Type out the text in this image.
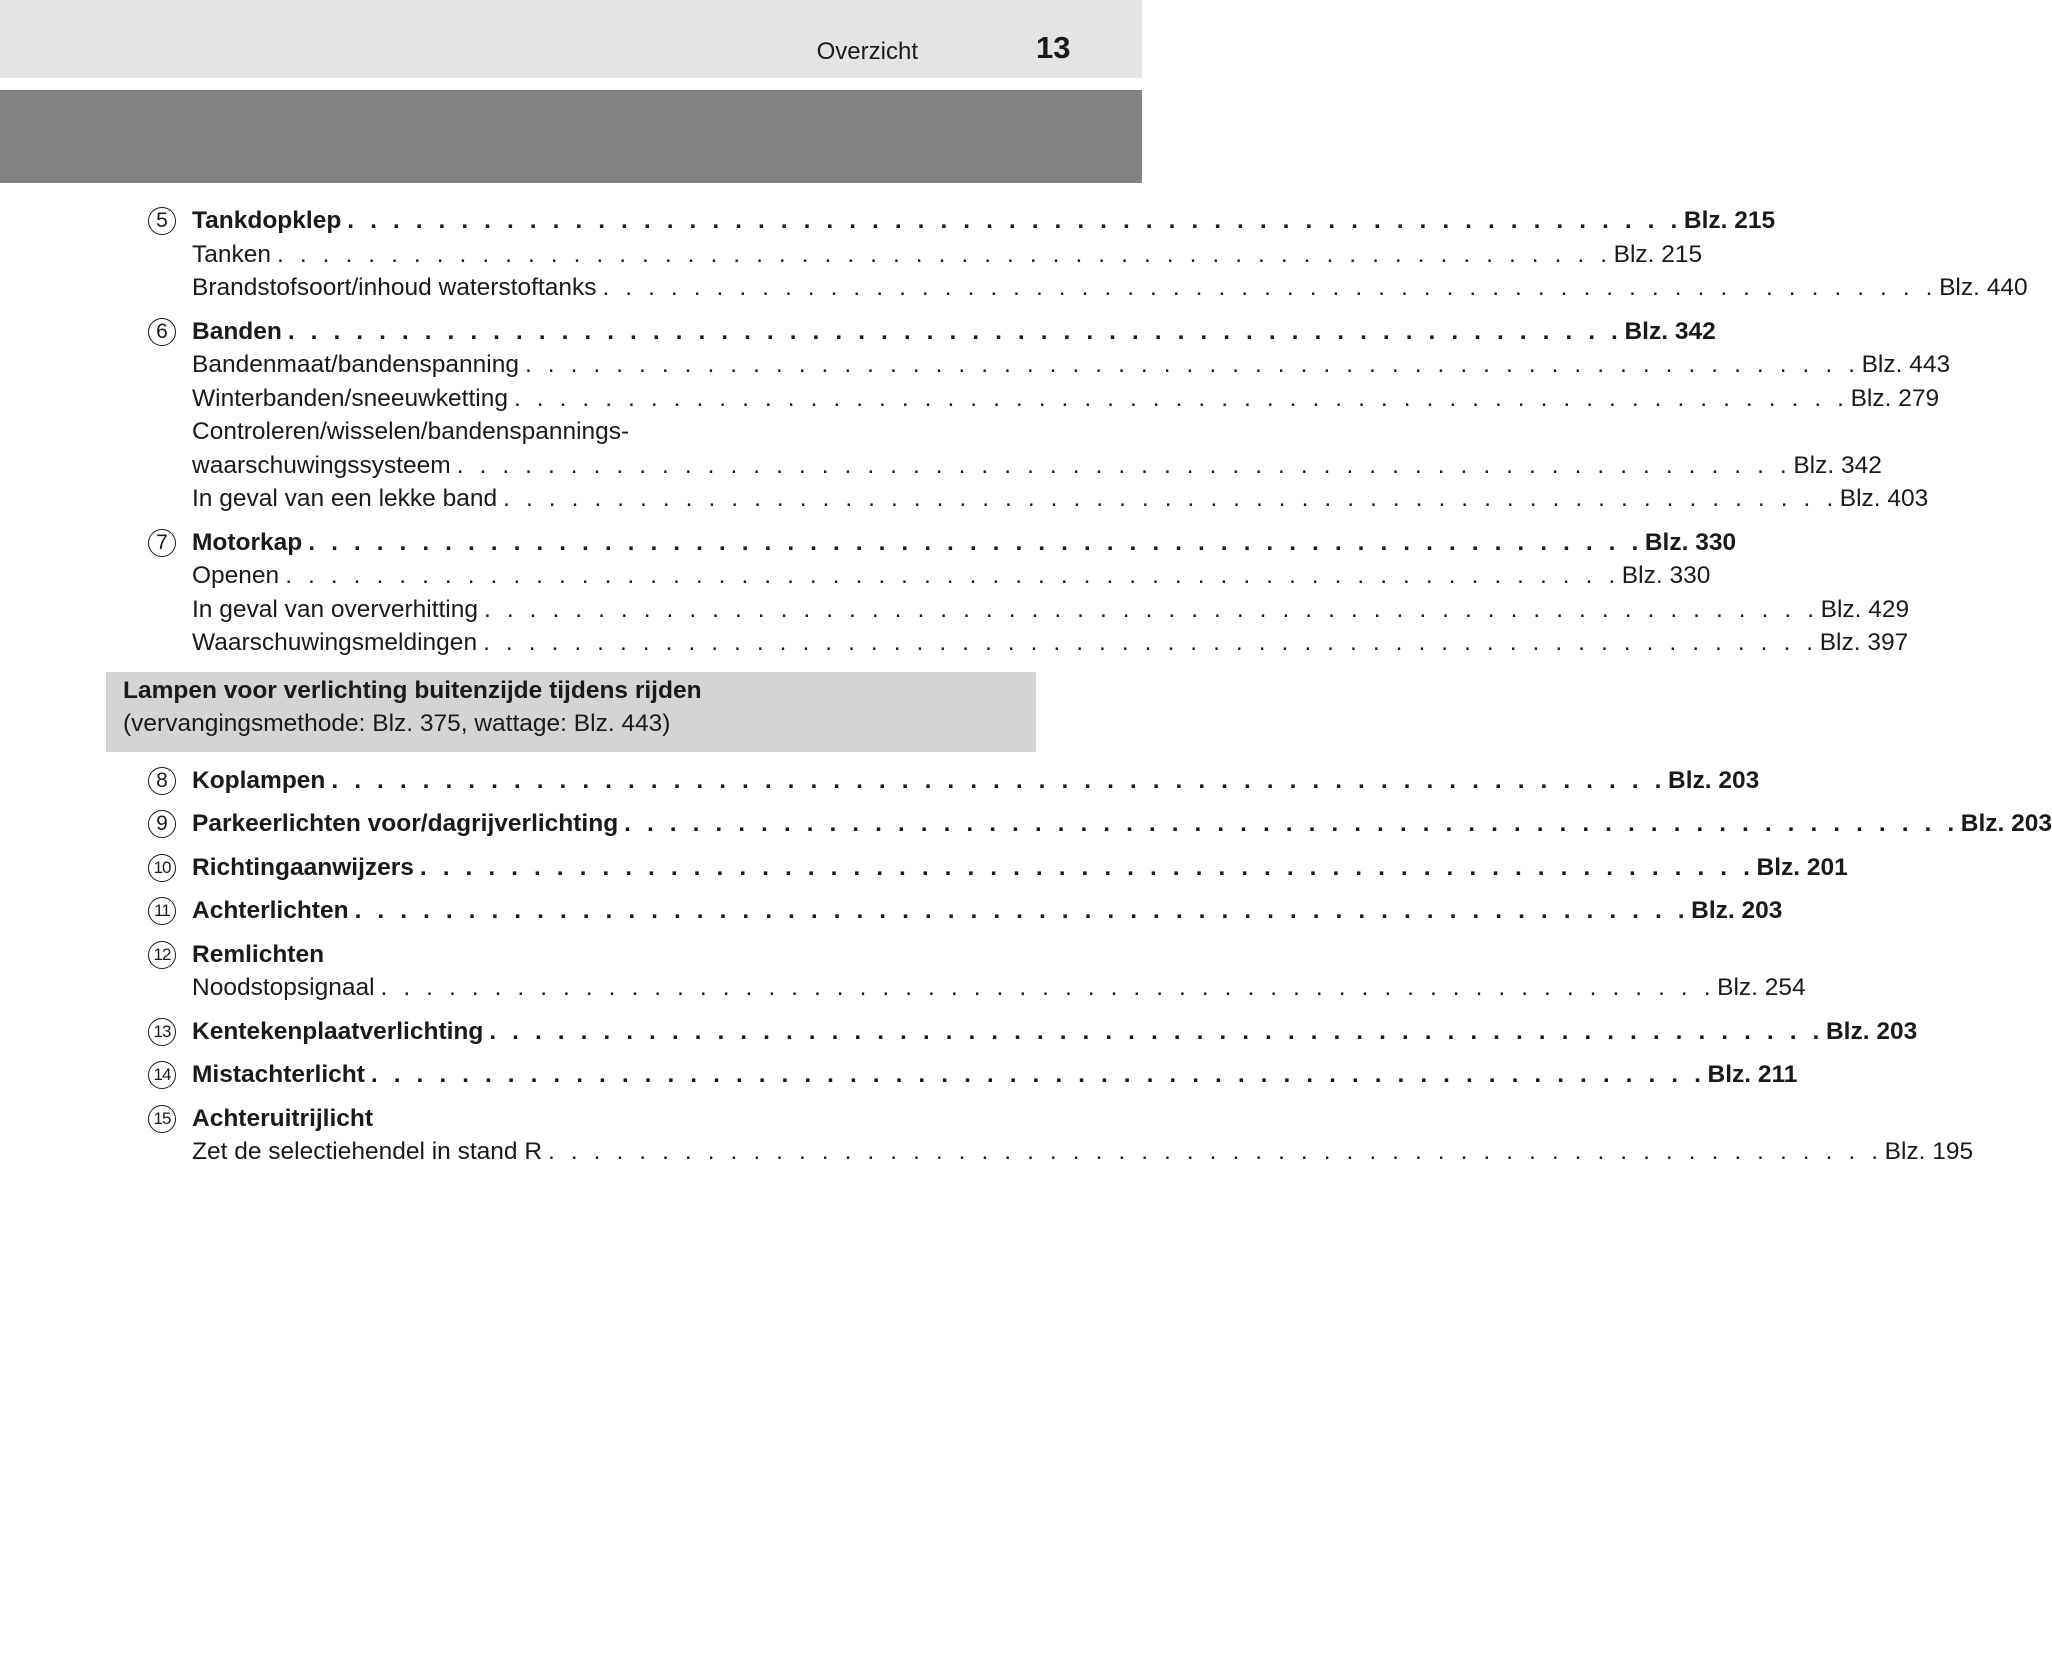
Overzicht	13
5 Tankdopklep . . . . . . . . . . . . . . . . . . . . . . . . . . . . . . . . . . . . . . . . . . . . . . . . . . . . . . . . . . . Blz. 215
Tanken . . . . . . . . . . . . . . . . . . . . . . . . . . . . . . . . . . . . . . . . . . . . . . . . . . . . . . . . . . . Blz. 215
Brandstofsoort/inhoud waterstoftanks . . . . . . . . . . . . . . . . . . . . . . . . . . . . . . . . . . . . . . . . . . . . . . . . . . . . . . . . . . . Blz. 440
6 Banden . . . . . . . . . . . . . . . . . . . . . . . . . . . . . . . . . . . . . . . . . . . . . . . . . . . . . . . . . . . Blz. 342
Bandenmaat/bandenspanning . . . . . . . . . . . . . . . . . . . . . . . . . . . . . . . . . . . . . . . . . . . . . . . . . . . . . . . . . . . Blz. 443
Winterbanden/sneeuwketting . . . . . . . . . . . . . . . . . . . . . . . . . . . . . . . . . . . . . . . . . . . . . . . . . . . . . . . . . . . Blz. 279
Controleren/wisselen/bandenspannings-
waarschuwingssysteem . . . . . . . . . . . . . . . . . . . . . . . . . . . . . . . . . . . . . . . . . . . . . . . . . . . . . . . . . . . Blz. 342
In geval van een lekke band . . . . . . . . . . . . . . . . . . . . . . . . . . . . . . . . . . . . . . . . . . . . . . . . . . . . . . . . . . . Blz. 403
7 Motorkap . . . . . . . . . . . . . . . . . . . . . . . . . . . . . . . . . . . . . . . . . . . . . . . . . . . . . . . . . . . Blz. 330
Openen . . . . . . . . . . . . . . . . . . . . . . . . . . . . . . . . . . . . . . . . . . . . . . . . . . . . . . . . . . . Blz. 330
In geval van oververhitting . . . . . . . . . . . . . . . . . . . . . . . . . . . . . . . . . . . . . . . . . . . . . . . . . . . . . . . . . . . Blz. 429
Waarschuwingsmeldingen . . . . . . . . . . . . . . . . . . . . . . . . . . . . . . . . . . . . . . . . . . . . . . . . . . . . . . . . . . . Blz. 397
Lampen voor verlichting buitenzijde tijdens rijden
(vervangingsmethode: Blz. 375, wattage: Blz. 443)
8 Koplampen . . . . . . . . . . . . . . . . . . . . . . . . . . . . . . . . . . . . . . . . . . . . . . . . . . . . . . . . . . . Blz. 203
9 Parkeerlichten voor/dagrijverlichting . . . . . . . . . . . . . . . . . . . . . . . . . . . . . . . . . . . . . . . . . . . . . . . . . . . . . . . . . . . Blz. 203
10 Richtingaanwijzers . . . . . . . . . . . . . . . . . . . . . . . . . . . . . . . . . . . . . . . . . . . . . . . . . . . . . . . . . . . Blz. 201
11 Achterlichten . . . . . . . . . . . . . . . . . . . . . . . . . . . . . . . . . . . . . . . . . . . . . . . . . . . . . . . . . . . Blz. 203
12 Remlichten
Noodstopsignaal . . . . . . . . . . . . . . . . . . . . . . . . . . . . . . . . . . . . . . . . . . . . . . . . . . . . . . . . . . . Blz. 254
13 Kentekenplaatverlichting . . . . . . . . . . . . . . . . . . . . . . . . . . . . . . . . . . . . . . . . . . . . . . . . . . . . . . . . . . . Blz. 203
14 Mistachterlicht . . . . . . . . . . . . . . . . . . . . . . . . . . . . . . . . . . . . . . . . . . . . . . . . . . . . . . . . . . . Blz. 211
15 Achteruitrijlicht
Zet de selectiehendel in stand R . . . . . . . . . . . . . . . . . . . . . . . . . . . . . . . . . . . . . . . . . . . . . . . . . . . . . . . . . . . Blz. 195
